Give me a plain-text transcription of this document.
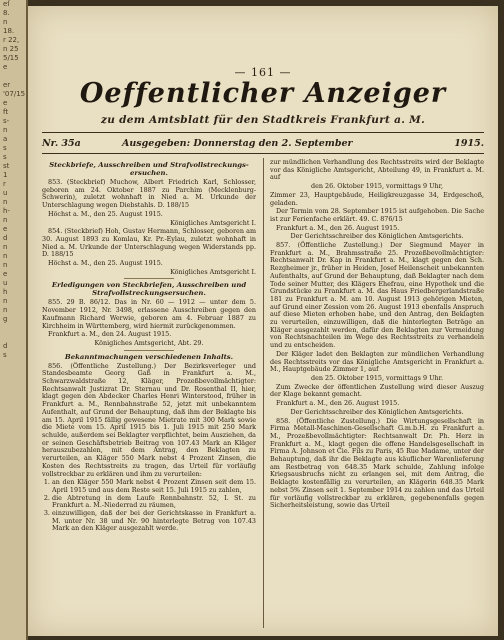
eſ
8.
n
18.
r 22,
n 25
5/15
e

er
'07/15
e
ft
s-
n
a
s
s
st
1
r
u
n
h-
n
e
d
n
n
n
e
u
h
n
n
g

d
s
— 161 —
Oeffentlicher Anzeiger
zu dem Amtsblatt für den Stadtkreis Frankfurt a. M.
Nr. 35a	Ausgegeben: Donnerstag den 2. September	1915.

Steckbriefe, Ausschreiben und Strafvollstreckungs-ersuchen.

853. (Steckbrief) Muchow, Albert Friedrich Karl, Schlosser, geboren am 24. Oktober 1887 zu Parchim (Mecklenburg-Schwerin), zuletzt wohnhaft in Nied a. M. Urkunde der Unterschlagung wegen Diebstahls. D. 188/15

Höchst a. M., den 25. August 1915.

Königliches Amtsgericht I.

854. (Steckbrief) Hoh, Gustav Hermann, Schlosser, geboren am 30. August 1893 zu Komlau, Kr. Pr.-Eylau, zuletzt wohnhaft in Nied a. M. Urkunde der Unterschlagung wegen Widerstands pp. D. 188/15

Höchst a. M., den 25. August 1915.

Königliches Amtsgericht I.

Erledigungen von Steckbriefen, Ausschreiben und Strafvollstreckungsersuchen.

855. 29 B. 86/12. Das in Nr. 60 — 1912 — unter dem 5. November 1912, Nr. 3498, erlassene Ausschreiben gegen den Kaufmann Richard Werwie, geboren am 4. Februar 1887 zu Kirchheim in Württemberg, wird hiermit zurückgenommen.

Frankfurt a. M., den 24. August 1915.

Königliches Amtsgericht, Abt. 29.

Bekanntmachungen verschiedenen Inhalts.

856. (Öffentliche Zustellung.) Der Bezirksverleger und Standesbeamte Georg Gaß in Frankfurt a. M., Schwarzwaldstraße 12, Kläger, Prozeßbevollmächtigter: Rechtsanwalt Justizrat Dr. Sternau und Dr. Rosenthal II, hier, klagt gegen den Abdecker Charles Henri Winterstood, früher in Frankfurt a. M., Rennbahnstraße 52, jetzt mit unbekanntem Aufenthalt, auf Grund der Behauptung, daß ihm der Beklagte bis am 15. April 1915 fällig gewesene Mietrate mit 300 Mark sowie die Miete vom 15. April 1915 bis 1. Juli 1915 mit 250 Mark schulde, außerdem sei Beklagter verpflichtet, beim Ausziehen, da er seinen Geschäftsbetrieb Beitrag von 107.43 Mark an Kläger herauszubezahlen, mit dem Antrag, den Beklagten zu verurteilen, an Kläger 550 Mark nebst 4 Prozent Zinsen, die Kosten des Rechtsstreits zu tragen, das Urteil für vorläufig vollstreckbar zu erklären und ihm zu verurteilen:

1. an den Kläger 550 Mark nebst 4 Prozent Zinsen seit dem 15. April 1915 und aus dem Reste seit 15. Juli 1915 zu zahlen,
2. die Abtretung in dem Laufe Rennbahnstr. 52, I. St. zu Frankfurt a. M.-Niederrad zu räumen,
3. einzuwilligen, daß der bei der Gerichtskasse in Frankfurt a. M. unter Nr. 38 und Nr. 90 hinterlegte Betrag von 107.43 Mark an den Kläger ausgezahlt werde.

zur mündlichen Verhandlung des Rechtsstreits wird der Beklagte vor das Königliche Amtsgericht, Abteilung 49, in Frankfurt a. M. auf

den 26. Oktober 1915, vormittags 9 Uhr,

Zimmer 23, Hauptgebäude, Heiligkreuzgasse 34, Erdgeschoß, geladen.

Der Termin vom 28. September 1915 ist aufgehoben. Die Sache ist zur Ferienfache erklärt. 49. C. 876/15

Frankfurt a. M., den 26. August 1915.

Der Gerichtsschreiber des Königlichen Amtsgerichts.

857. (Öffentliche Zustellung.) Der Siegmund Mayer in Frankfurt a. M., Brahmsstraße 25. Prozeßbevollmächtigter: Rechtsanwalt Dr. Kap in Frankfurt a. M., klagt gegen den Sch. Rezgheimer jr., früher in Heiden, Josef Heilenscheit unbekannten Aufenthalts, auf Grund der Behauptung, daß Beklagter nach dem Tode seiner Mutter, des Klägers Ehefrau, eine Hypothek und die Grundstücke zu Frankfurt a. M. das Haus Friedbergerlandstraße 181 zu Frankfurt a. M. am 10. August 1913 gehörigen Mieten, auf Grund einer Zession vom 26. August 1913 ebenfalls Anspruch auf diese Mieten erhoben habe, und den Antrag, den Beklagten zu verurteilen, einzuwilligen, daß die hinterlegten Beträge an Kläger ausgezahlt werden, dafür den Beklagten zur Vermeidung von Rechtsnachteilen im Wege des Rechtsstreits zu verhandeln und zu entscheiden.

Der Kläger ladet den Beklagten zur mündlichen Verhandlung des Rechtsstreits vor das Königliche Amtsgericht in Frankfurt a. M., Hauptgebäude Zimmer 1, auf

den 25. Oktober 1915, vormittags 9 Uhr.

Zum Zwecke der öffentlichen Zustellung wird dieser Auszug der Klage bekannt gemacht.

Frankfurt a. M., den 26. August 1915.

Der Gerichtsschreiber des Königlichen Amtsgerichts.

858. (Öffentliche Zustellung.) Die Wirtungsgesellschaft in Firma Metall-Maschinen-Gesellschaft G.m.b.H. zu Frankfurt a. M., Prozeßbevollmächtigter: Rechtsanwalt Dr. Ph. Herz in Frankfurt a. M., klagt gegen die offene Handelsgesellschaft in Firma A. Johnson et Cie. Fils zu Paris, 45 Rue Madame, unter der Behauptung, daß ihr die Beklagte aus käuflicher Warenlieferung am Restbetrag von 648.35 Mark schulde, Zahlung infolge Kriegsausbruchs nicht zu erlangen sei, mit dem Antrag, die Beklagte kostenfällig zu verurteilen, an Klägerin 648.35 Mark nebst 5% Zinsen seit 1. September 1914 zu zahlen und das Urteil für vorläufig vollstreckbar zu erklären, gegebenenfalls gegen Sicherheitsleistung, sowie das Urteil
